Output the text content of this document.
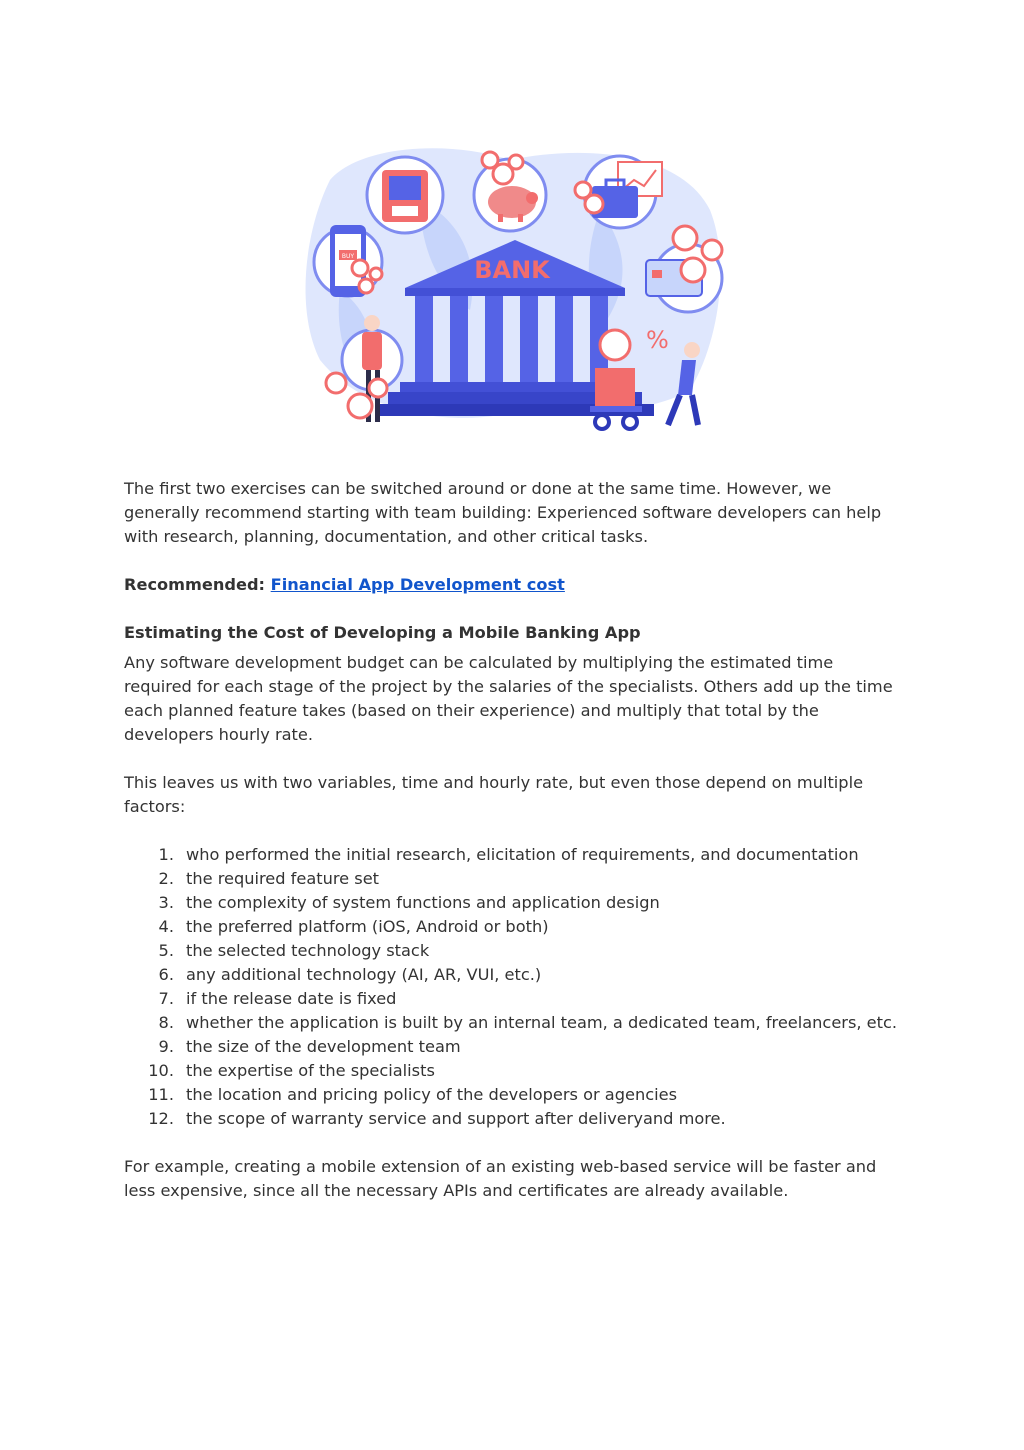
BUY	BANK
%

The first two exercises can be switched around or done at the same time. However, we generally recommend starting with team building: Experienced software developers can help with research, planning, documentation, and other critical tasks.

Recommended: Financial App Development cost

Estimating the Cost of Developing a Mobile Banking App

Any software development budget can be calculated by multiplying the estimated time required for each stage of the project by the salaries of the specialists. Others add up the time each planned feature takes (based on their experience) and multiply that total by the developers hourly rate.

This leaves us with two variables, time and hourly rate, but even those depend on multiple factors:

1. who performed the initial research, elicitation of requirements, and documentation
2. the required feature set
3. the complexity of system functions and application design
4. the preferred platform (iOS, Android or both)
5. the selected technology stack
6. any additional technology (AI, AR, VUI, etc.)
7. if the release date is fixed
8. whether the application is built by an internal team, a dedicated team, freelancers, etc.
9. the size of the development team
10. the expertise of the specialists
11. the location and pricing policy of the developers or agencies
12. the scope of warranty service and support after deliveryand more.

For example, creating a mobile extension of an existing web-based service will be faster and less expensive, since all the necessary APIs and certificates are already available.
